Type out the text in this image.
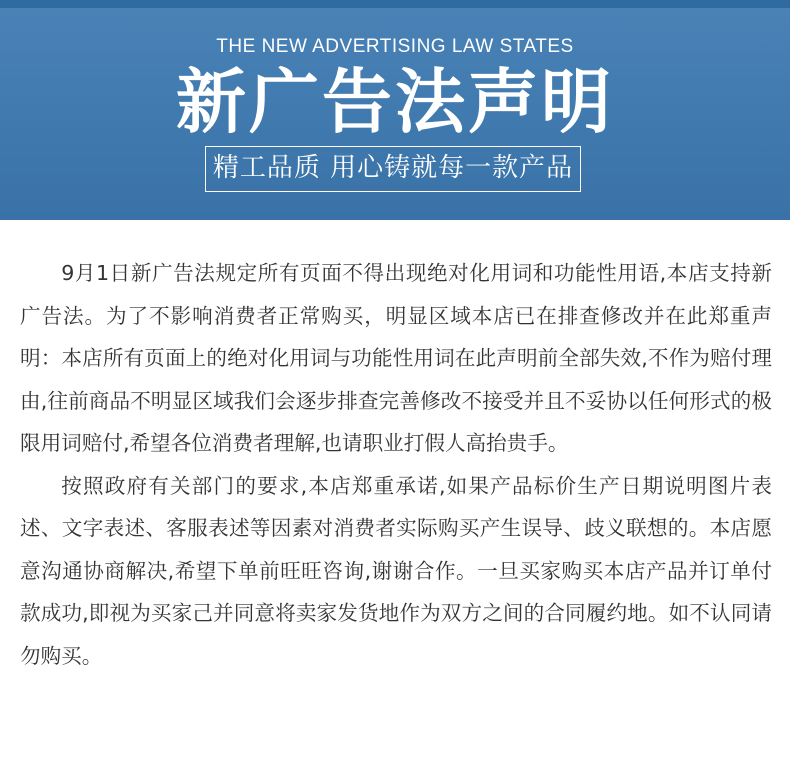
THE NEW ADVERTISING LAW STATES
新广告法声明
精工品质 用心铸就每一款产品

9月1日新广告法规定所有页面不得出现绝对化用词和功能性用语,本店支持新广告法。为了不影响消费者正常购买，明显区域本店已在排查修改并在此郑重声明：本店所有页面上的绝对化用词与功能性用词在此声明前全部失效,不作为赔付理由,往前商品不明显区域我们会逐步排查完善修改不接受并且不妥协以任何形式的极限用词赔付,希望各位消费者理解,也请职业打假人高抬贵手。

按照政府有关部门的要求,本店郑重承诺,如果产品标价生产日期说明图片表述、文字表述、客服表述等因素对消费者实际购买产生误导、歧义联想的。本店愿意沟通协商解决,希望下单前旺旺咨询,谢谢合作。一旦买家购买本店产品并订单付款成功,即视为买家己并同意将卖家发货地作为双方之间的合同履约地。如不认同请勿购买。
